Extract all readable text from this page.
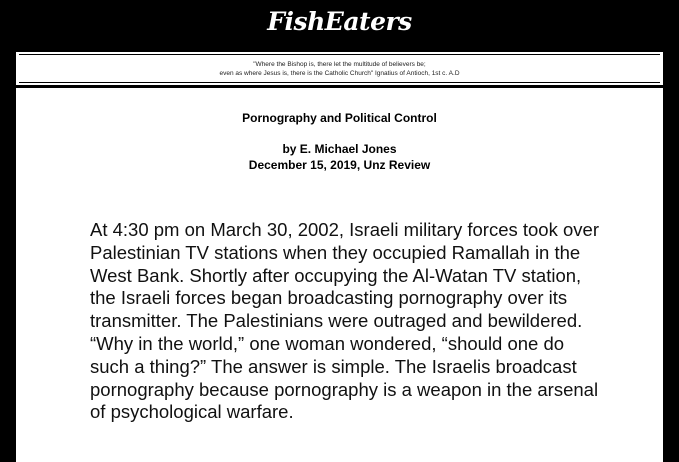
FishEaters
"Where the Bishop is, there let the multitude of believers be;
even as where Jesus is, there is the Catholic Church" Ignatius of Antioch, 1st c. A.D
Pornography and Political Control
by E. Michael Jones
December 15, 2019, Unz Review
At 4:30 pm on March 30, 2002, Israeli military forces took over Palestinian TV stations when they occupied Ramallah in the West Bank. Shortly after occupying the Al-Watan TV station, the Israeli forces began broadcasting pornography over its transmitter. The Palestinians were outraged and bewildered. “Why in the world,” one woman wondered, “should one do such a thing?” The answer is simple. The Israelis broadcast pornography because pornography is a weapon in the arsenal of psychological warfare.
